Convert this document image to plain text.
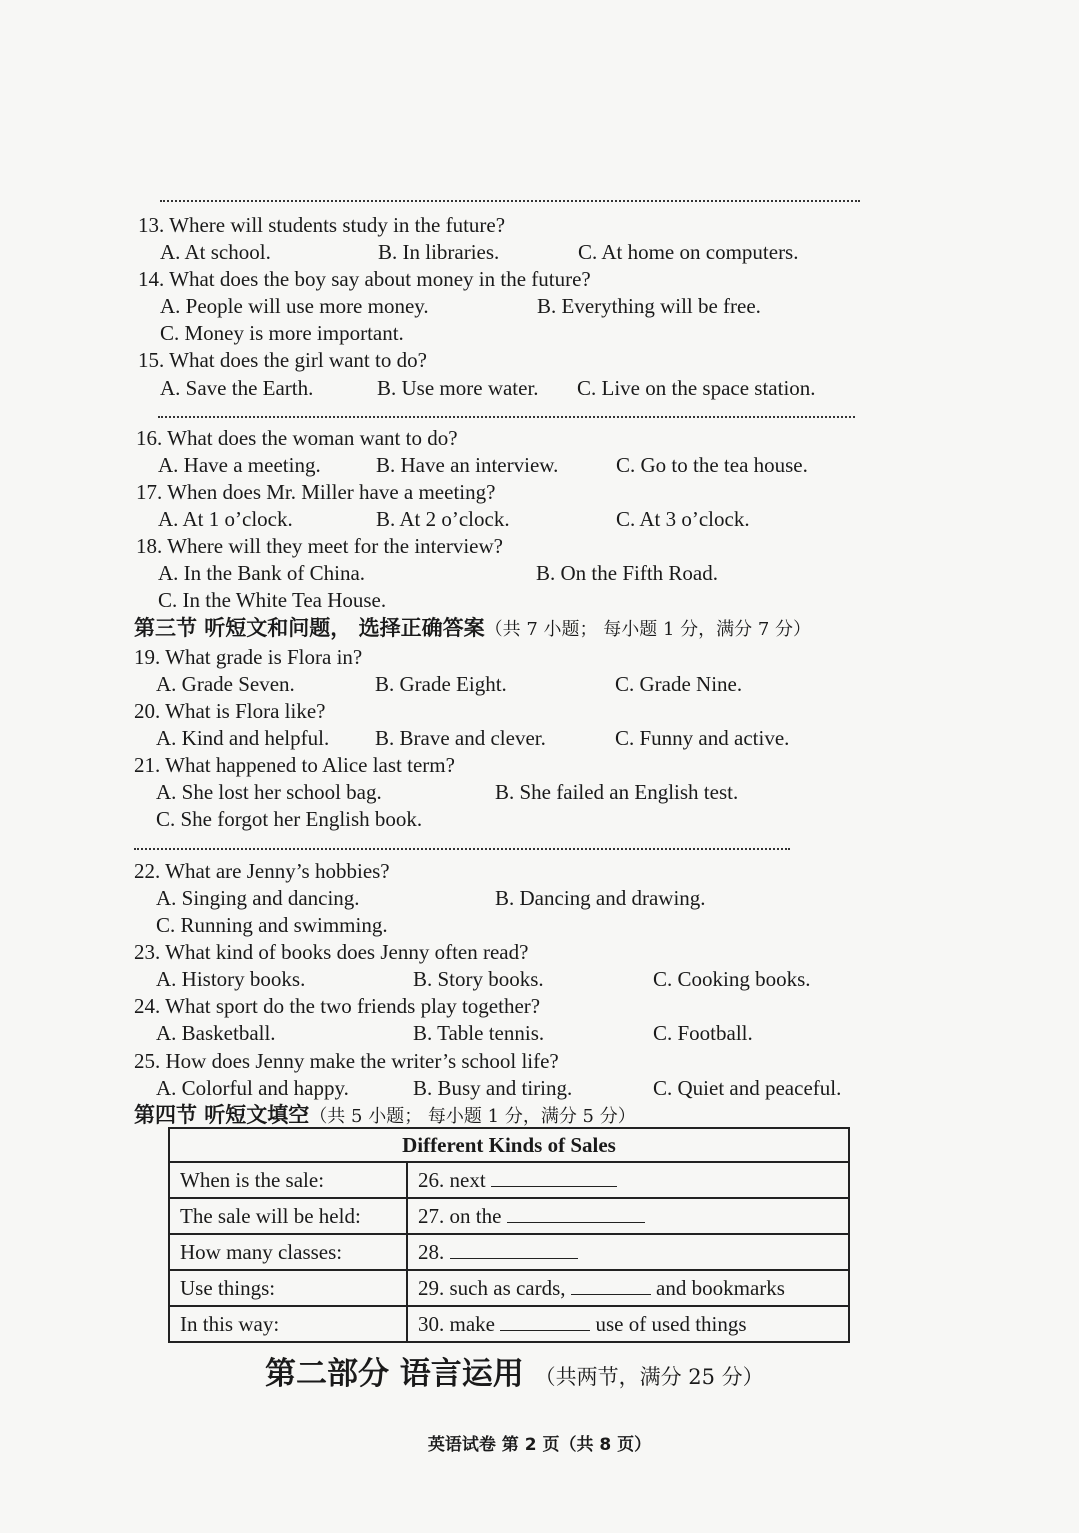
13. Where will students study in the future?
A. At school.	B. In libraries.	C. At home on computers.
14. What does the boy say about money in the future?
A. People will use more money.	B. Everything will be free.
C. Money is more important.
15. What does the girl want to do?
A. Save the Earth.	B. Use more water. C. Live on the space station.
16. What does the woman want to do?
A. Have a meeting.	B. Have an interview.	C. Go to the tea house.
17. When does Mr. Miller have a meeting?
A. At 1 o’clock.	B. At 2 o’clock.	C. At 3 o’clock.
18. Where will they meet for the interview?
A. In the Bank of China.	B. On the Fifth Road.
C. In the White Tea House.
第三节 听短文和问题， 选择正确答案（共 7 小题； 每小题 1 分，满分 7 分）
19. What grade is Flora in?
A. Grade Seven.	B. Grade Eight.	C. Grade Nine.
20. What is Flora like?
A. Kind and helpful. B. Brave and clever.	C. Funny and active.
21. What happened to Alice last term?
A. She lost her school bag.	B. She failed an English test.
C. She forgot her English book.
22. What are Jenny’s hobbies?
A. Singing and dancing.	B. Dancing and drawing.
C. Running and swimming.
23. What kind of books does Jenny often read?
A. History books.	B. Story books.	C. Cooking books.
24. What sport do the two friends play together?
A. Basketball.	B. Table tennis.	C. Football.
25. How does Jenny make the writer’s school life?
A. Colorful and happy.	B. Busy and tiring.	C. Quiet and peaceful.
第四节 听短文填空（共 5 小题； 每小题 1 分，满分 5 分）
Different Kinds of Sales	
When is the sale:	26. next
The sale will be held:	27. on the
How many classes:	28.
Use things:	29. such as cards, and bookmarks
In this way:	30. make use of used things
第二部分 语言运用 （共两节，满分 25 分）
英语试卷 第 2 页（共 8 页）
